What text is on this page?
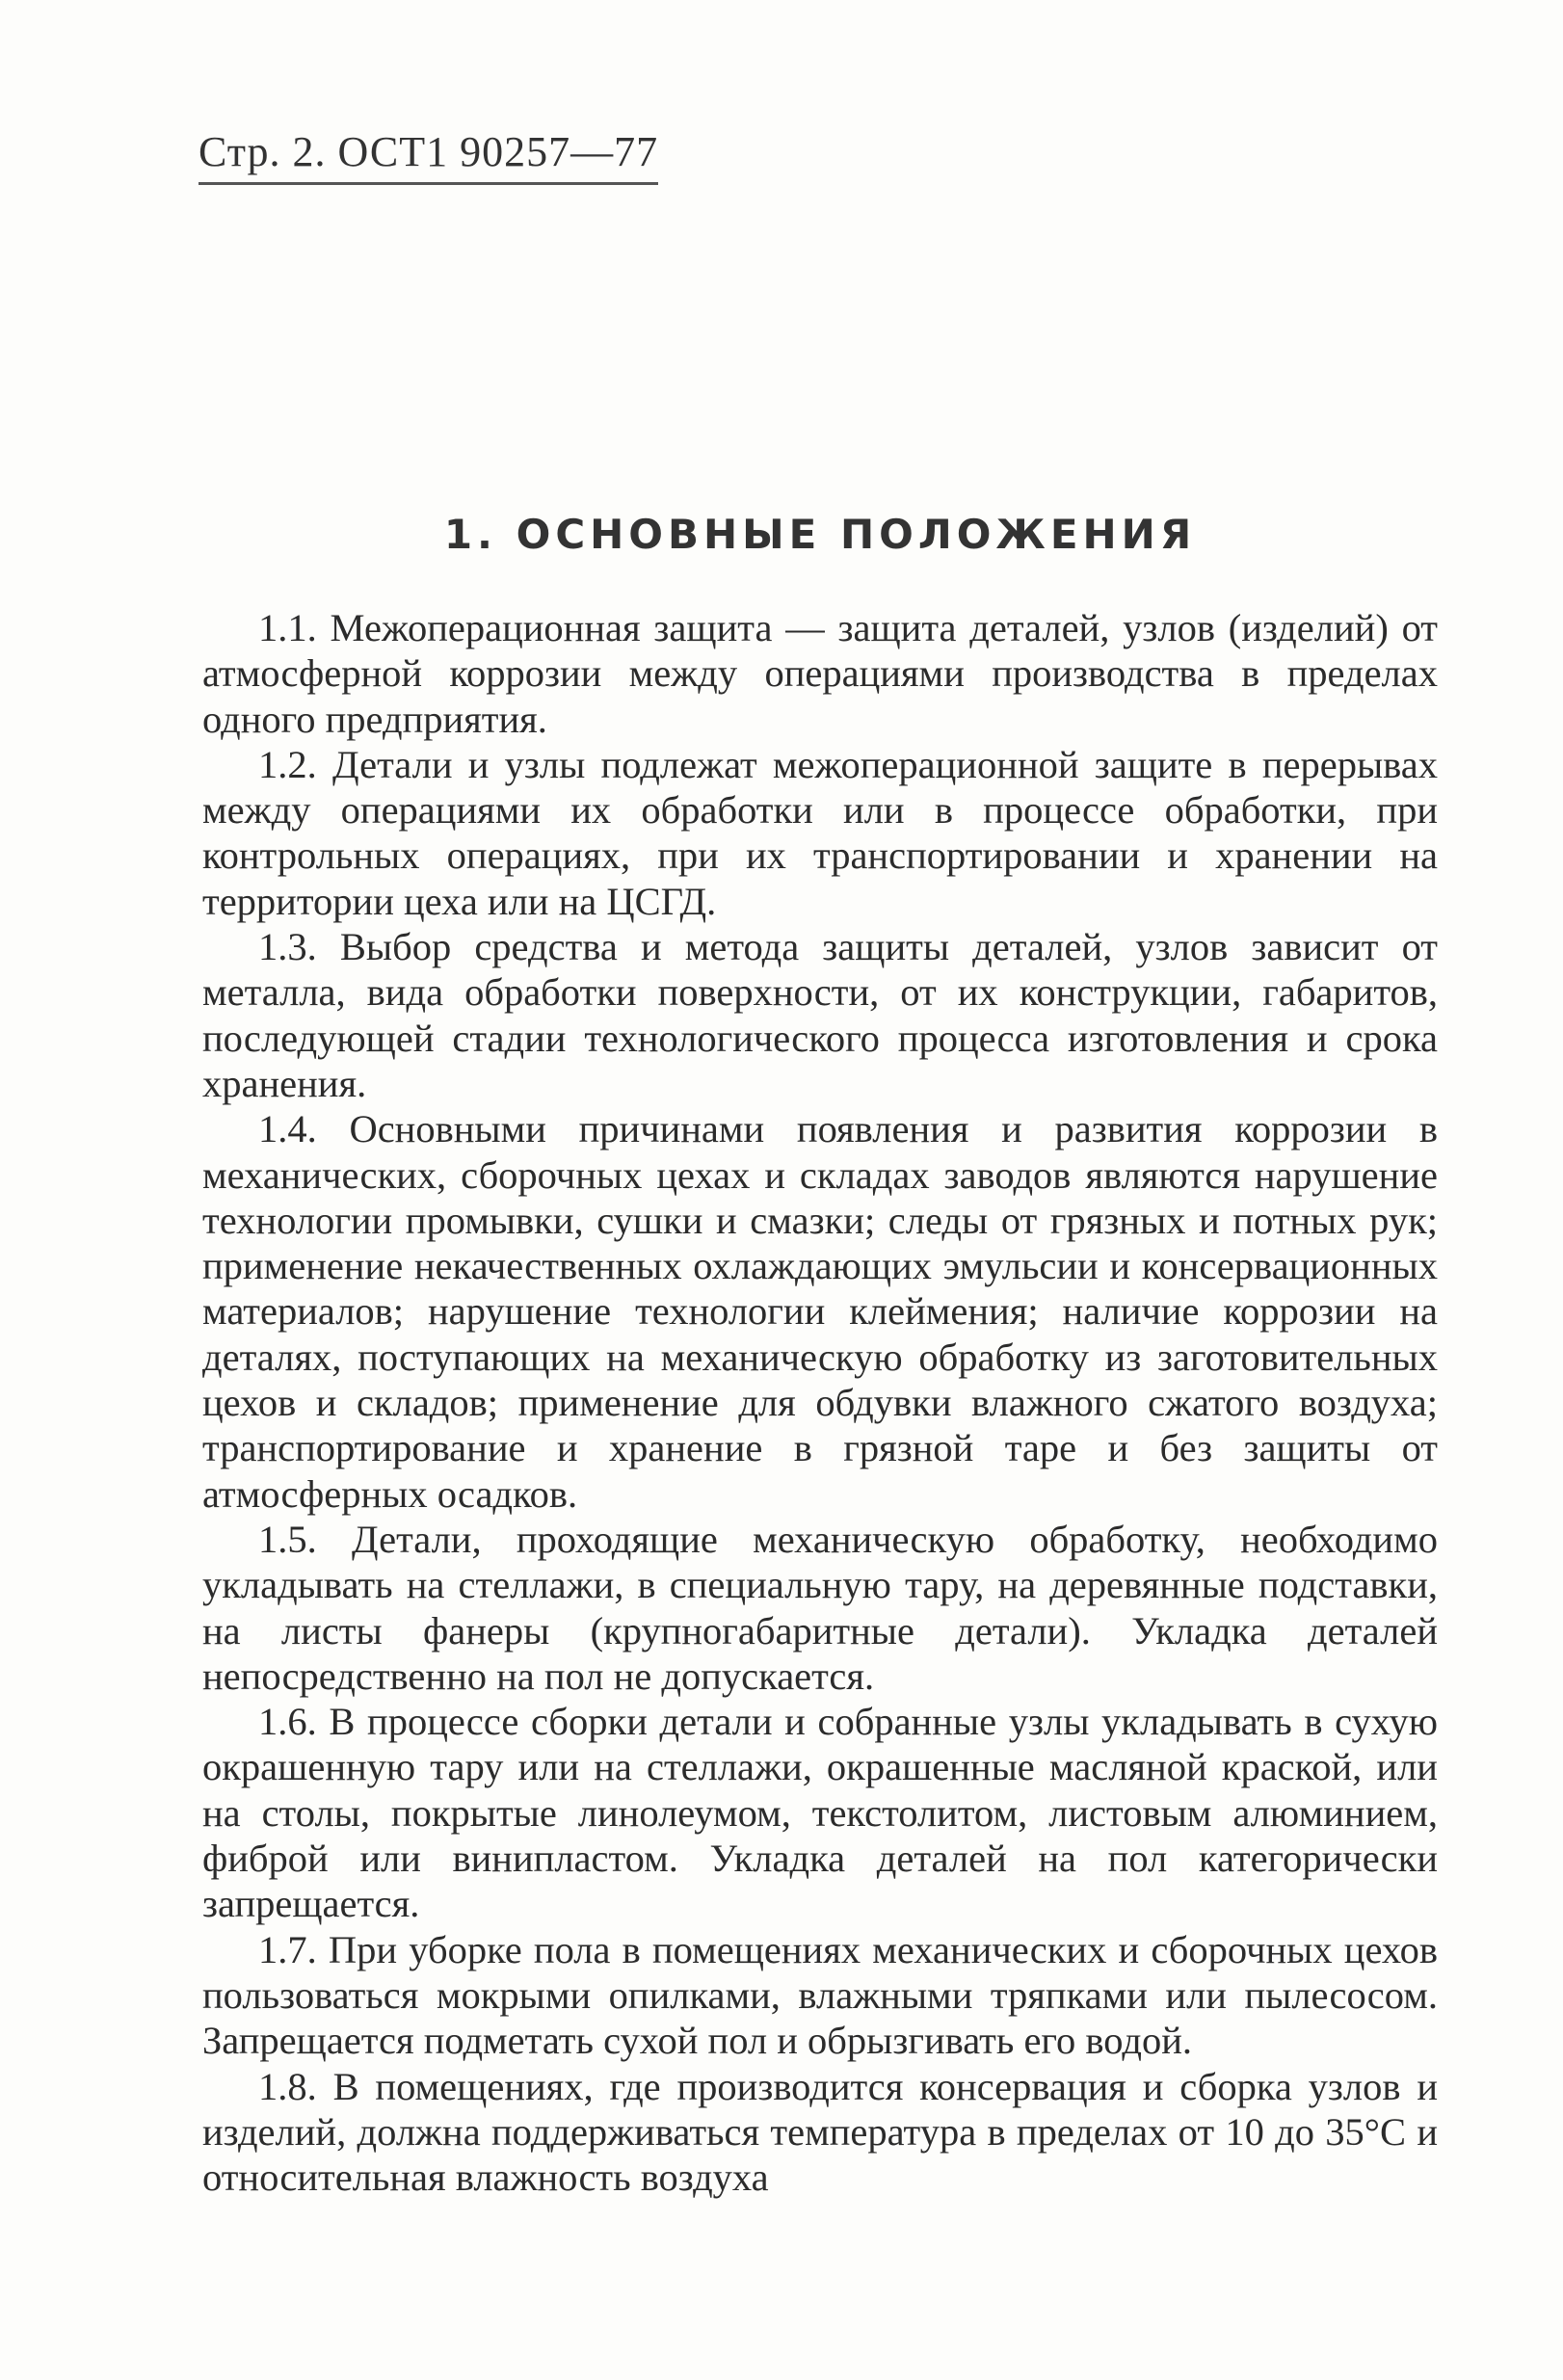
Стр. 2. ОСТ1 90257—77
1. ОСНОВНЫЕ ПОЛОЖЕНИЯ

1.1. Межоперационная защита — защита деталей, узлов (изделий) от атмосферной коррозии между операциями производства в пределах одного предприятия.

1.2. Детали и узлы подлежат межоперационной защите в перерывах между операциями их обработки или в процессе обработки, при контрольных операциях, при их транспортировании и хранении на территории цеха или на ЦСГД.

1.3. Выбор средства и метода защиты деталей, узлов зависит от металла, вида обработки поверхности, от их конструкции, габаритов, последующей стадии технологического процесса изготовления и срока хранения.

1.4. Основными причинами появления и развития коррозии в механических, сборочных цехах и складах заводов являются нарушение технологии промывки, сушки и смазки; следы от грязных и потных рук; применение некачественных охлаждающих эмульсии и консервационных материалов; нарушение технологии клеймения; наличие коррозии на деталях, поступающих на механическую обработку из заготовительных цехов и складов; применение для обдувки влажного сжатого воздуха; транспортирование и хранение в грязной таре и без защиты от атмосферных осадков.

1.5. Детали, проходящие механическую обработку, необходимо укладывать на стеллажи, в специальную тару, на деревянные подставки, на листы фанеры (крупногабаритные детали). Укладка деталей непосредственно на пол не допускается.

1.6. В процессе сборки детали и собранные узлы укладывать в сухую окрашенную тару или на стеллажи, окрашенные масляной краской, или на столы, покрытые линолеумом, текстолитом, листовым алюминием, фиброй или винипластом. Укладка деталей на пол категорически запрещается.

1.7. При уборке пола в помещениях механических и сборочных цехов пользоваться мокрыми опилками, влажными тряпками или пылесосом. Запрещается подметать сухой пол и обрызгивать его водой.

1.8. В помещениях, где производится консервация и сборка узлов и изделий, должна поддерживаться температура в пределах от 10 до 35°С и относительная влажность воздуха
